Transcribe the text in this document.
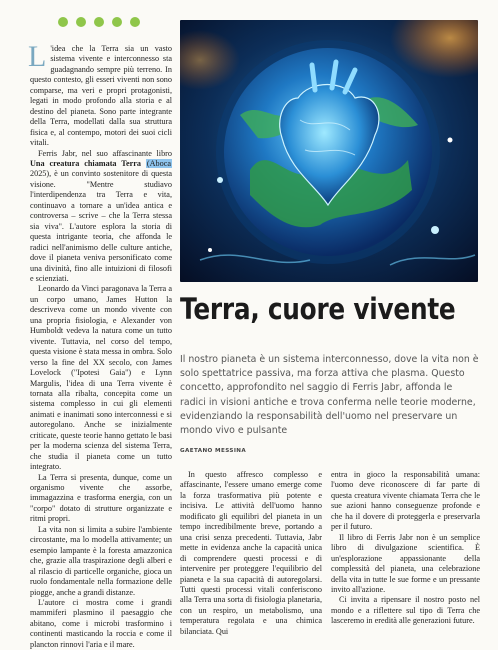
L 'idea che la Terra sia un vasto sistema vivente e interconnesso sta guadagnando sempre più terreno. In questo contesto, gli esseri viventi non sono comparse, ma veri e propri protagonisti, legati in modo profondo alla storia e al destino del pianeta. Sono parte integrante della Terra, modellati dalla sua struttura fisica e, al contempo, motori dei suoi cicli vitali.

Ferris Jabr, nel suo affascinante libro Una creatura chiamata Terra (Aboca 2025), è un convinto sostenitore di questa visione. "Mentre studiavo l'interdipendenza tra Terra e vita, continuavo a tornare a un'idea antica e controversa – scrive – che la Terra stessa sia viva". L'autore esplora la storia di questa intrigante teoria, che affonda le radici nell'animismo delle culture antiche, dove il pianeta veniva personificato come una divinità, fino alle intuizioni di filosofi e scienziati.

Leonardo da Vinci paragonava la Terra a un corpo umano, James Hutton la descriveva come un mondo vivente con una propria fisiologia, e Alexander von Humboldt vedeva la natura come un tutto vivente. Tuttavia, nel corso del tempo, questa visione è stata messa in ombra. Solo verso la fine del XX secolo, con James Lovelock ("Ipotesi Gaia") e Lynn Margulis, l'idea di una Terra vivente è tornata alla ribalta, concepita come un sistema complesso in cui gli elementi animati e inanimati sono interconnessi e si autoregolano. Anche se inizialmente criticate, queste teorie hanno gettato le basi per la moderna scienza del sistema Terra, che studia il pianeta come un tutto integrato.

La Terra si presenta, dunque, come un organismo vivente che assorbe, immagazzina e trasforma energia, con un "corpo" dotato di strutture organizzate e ritmi propri.

La vita non si limita a subire l'ambiente circostante, ma lo modella attivamente; un esempio lampante è la foresta amazzonica che, grazie alla traspirazione degli alberi e al rilascio di particelle organiche, gioca un ruolo fondamentale nella formazione delle piogge, anche a grandi distanze.

L'autore ci mostra come i grandi mammiferi plasmino il paesaggio che abitano, come i microbi trasformino i continenti masticando la roccia e come il plancton rinnovi l'aria e il mare.

Terra, cuore vivente
Il nostro pianeta è un sistema interconnesso, dove la vita non è solo spettatrice passiva, ma forza attiva che plasma. Questo concetto, approfondito nel saggio di Ferris Jabr, affonda le radici in visioni antiche e trova conferma nelle teorie moderne, evidenziando la responsabilità dell'uomo nel preservare un mondo vivo e pulsante
GAETANO MESSINA

In questo affresco complesso e affascinante, l'essere umano emerge come la forza trasformativa più potente e incisiva. Le attività dell'uomo hanno modificato gli equilibri del pianeta in un tempo incredibilmente breve, portando a una crisi senza precedenti. Tuttavia, Jabr mette in evidenza anche la capacità unica di comprendere questi processi e di intervenire per proteggere l'equilibrio del pianeta e la sua capacità di autoregolarsi. Tutti questi processi vitali conferiscono alla Terra una sorta di fisiologia planetaria, con un respiro, un metabolismo, una temperatura regolata e una chimica bilanciata. Qui

entra in gioco la responsabilità umana: l'uomo deve riconoscere di far parte di questa creatura vivente chiamata Terra che le sue azioni hanno conseguenze profonde e che ha il dovere di proteggerla e preservarla per il futuro.

Il libro di Ferris Jabr non è un semplice libro di divulgazione scientifica. È un'esplorazione appassionante della complessità del pianeta, una celebrazione della vita in tutte le sue forme e un pressante invito all'azione.

Ci invita a ripensare il nostro posto nel mondo e a riflettere sul tipo di Terra che lasceremo in eredità alle generazioni future.
